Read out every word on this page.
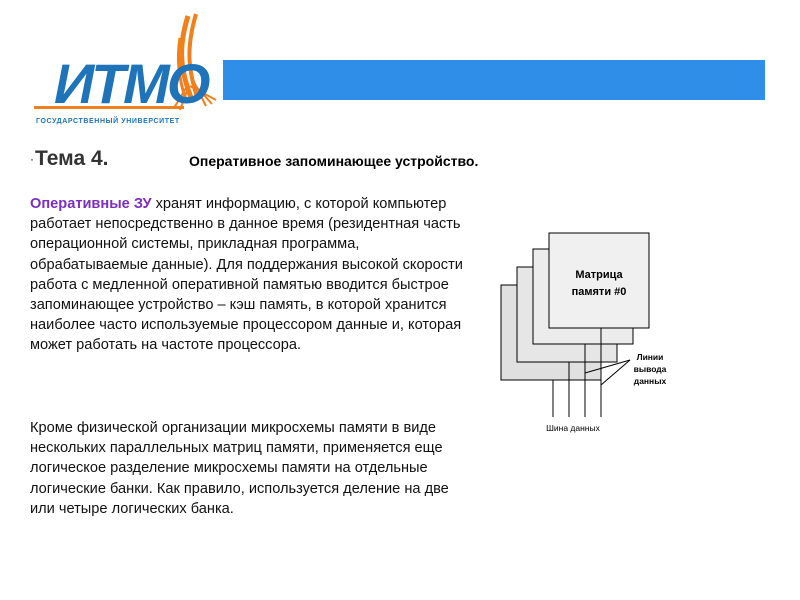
ИТМО
ГОСУДАРСТВЕННЫЙ УНИВЕРСИТЕТ
· Тема 4.	Оперативное запоминающее устройство.
Оперативные ЗУ хранят информацию, с которой компьютер работает непосредственно в данное время (резидентная часть операционной системы, прикладная программа, обрабатываемые данные). Для поддержания высокой скорости работа с медленной оперативной памятью вводится быстрое запоминающее устройство – кэш память, в которой хранится наиболее часто используемые процессором данные и, которая может работать на частоте процессора.
Кроме физической организации микросхемы памяти в виде нескольких параллельных матриц памяти, применяется еще логическое разделение микросхемы памяти на отдельные логические банки. Как правило, используется деление на две или четыре логических банка.
Матрица
памяти #0
Линии
вывода
данных
Шина данных
